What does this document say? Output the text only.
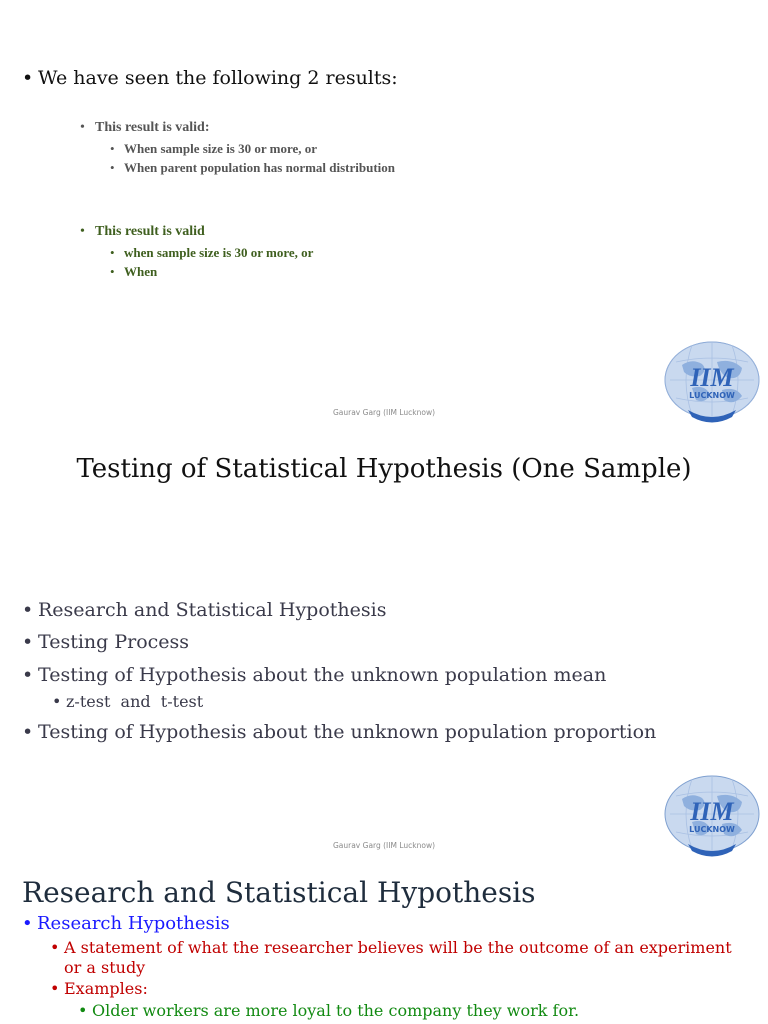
• We have seen the following 2 results:
• This result is valid:
• When sample size is 30 or more, or
• When parent population has normal distribution
• This result is valid
• when sample size is 30 or more, or
• When
Gaurav Garg (IIM Lucknow)
IIM
LUCKNOW
Testing of Statistical Hypothesis (One Sample)
• Research and Statistical Hypothesis
• Testing Process
• Testing of Hypothesis about the unknown population mean
• z-test  and  t-test
• Testing of Hypothesis about the unknown population proportion
Gaurav Garg (IIM Lucknow)
IIM
LUCKNOW
Research and Statistical Hypothesis
• Research Hypothesis
• A statement of what the researcher believes will be the outcome of an experiment or a study
• Examples:
• Older workers are more loyal to the company they work for.
